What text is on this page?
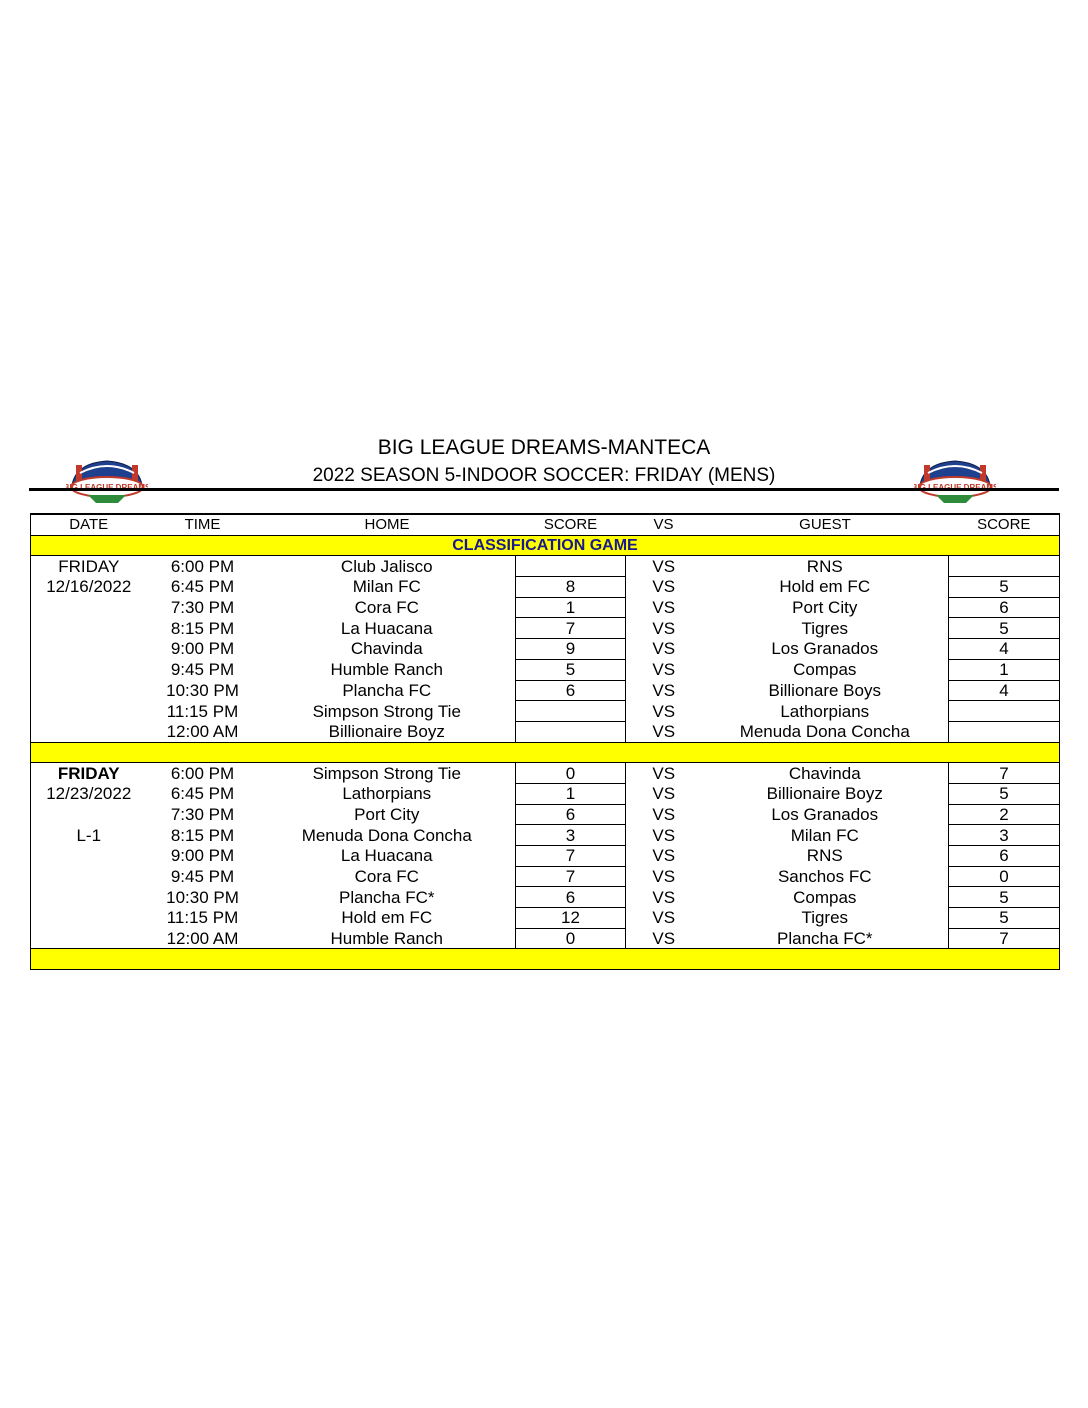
BIG LEAGUE DREAMS-MANTECA
2022 SEASON 5-INDOOR SOCCER: FRIDAY (MENS)
DATE	TIME	HOME	SCORE	VS	GUEST	SCORE
CLASSIFICATION GAME						
FRIDAY	6:00 PM	Club Jalisco		VS	RNS	
12/16/2022	6:45 PM	Milan FC	8	VS	Hold em FC	5
	7:30 PM	Cora FC	1	VS	Port City	6
	8:15 PM	La Huacana	7	VS	Tigres	5
	9:00 PM	Chavinda	9	VS	Los Granados	4
	9:45 PM	Humble Ranch	5	VS	Compas	1
	10:30 PM	Plancha FC	6	VS	Billionare Boys	4
	11:15 PM	Simpson Strong Tie		VS	Lathorpians	
	12:00 AM	Billionaire Boyz		VS	Menuda Dona Concha	

FRIDAY	6:00 PM	Simpson Strong Tie	0	VS	Chavinda	7
12/23/2022	6:45 PM	Lathorpians	1	VS	Billionaire Boyz	5
	7:30 PM	Port City	6	VS	Los Granados	2
L-1	8:15 PM	Menuda Dona Concha	3	VS	Milan FC	3
	9:00 PM	La Huacana	7	VS	RNS	6
	9:45 PM	Cora FC	7	VS	Sanchos FC	0
	10:30 PM	Plancha FC*	6	VS	Compas	5
	11:15 PM	Hold em FC	12	VS	Tigres	5
	12:00 AM	Humble Ranch	0	VS	Plancha FC*	7
